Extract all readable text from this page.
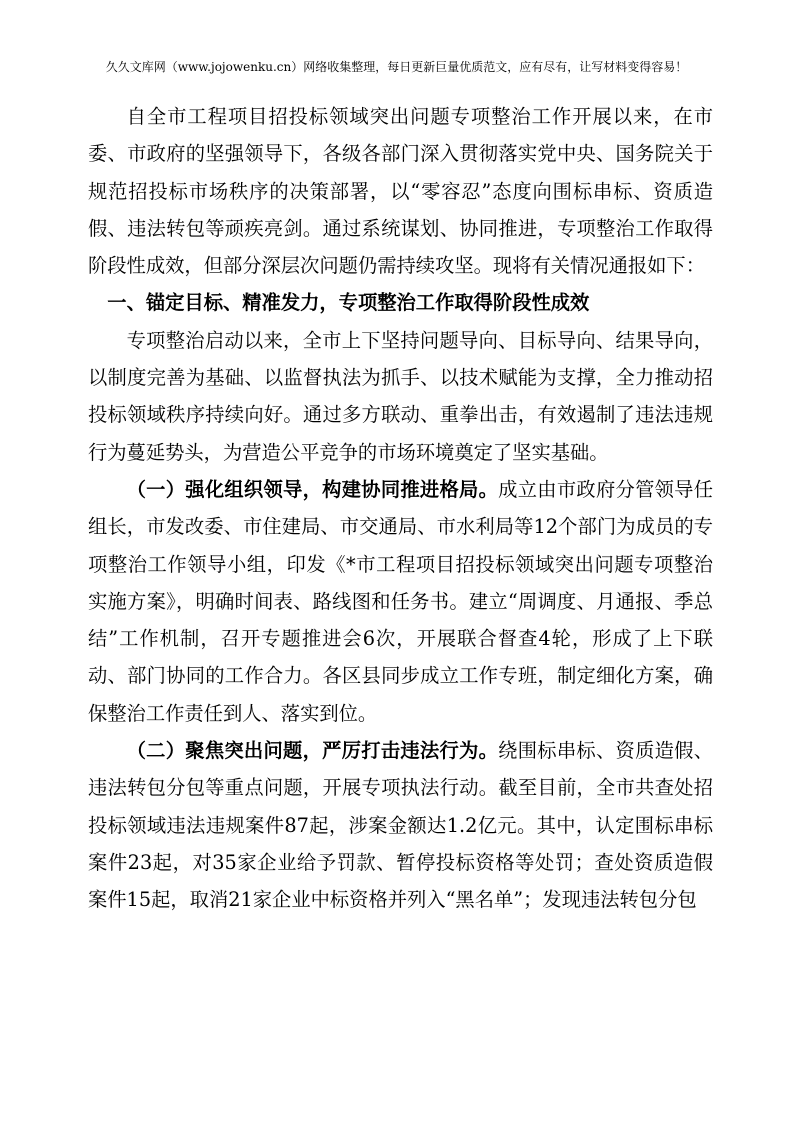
久久文库网（www.jojowenku.cn）网络收集整理，每日更新巨量优质范文，应有尽有，让写材料变得容易！

自全市工程项目招投标领域突出问题专项整治工作开展以来，在市委、市政府的坚强领导下，各级各部门深入贯彻落实党中央、国务院关于规范招投标市场秩序的决策部署，以“零容忍”态度向围标串标、资质造假、违法转包等顽疾亮剑。通过系统谋划、协同推进，专项整治工作取得阶段性成效，但部分深层次问题仍需持续攻坚。现将有关情况通报如下：

一、锚定目标、精准发力，专项整治工作取得阶段性成效

专项整治启动以来，全市上下坚持问题导向、目标导向、结果导向，以制度完善为基础、以监督执法为抓手、以技术赋能为支撑，全力推动招投标领域秩序持续向好。通过多方联动、重拳出击，有效遏制了违法违规行为蔓延势头，为营造公平竞争的市场环境奠定了坚实基础。

（一）强化组织领导，构建协同推进格局。成立由市政府分管领导任组长，市发改委、市住建局、市交通局、市水利局等12个部门为成员的专项整治工作领导小组，印发《*市工程项目招投标领域突出问题专项整治实施方案》，明确时间表、路线图和任务书。建立“周调度、月通报、季总结”工作机制，召开专题推进会6次，开展联合督查4轮，形成了上下联动、部门协同的工作合力。各区县同步成立工作专班，制定细化方案，确保整治工作责任到人、落实到位。

（二）聚焦突出问题，严厉打击违法行为。绕围标串标、资质造假、违法转包分包等重点问题，开展专项执法行动。截至目前，全市共查处招投标领域违法违规案件87起，涉案金额达1.2亿元。其中，认定围标串标案件23起，对35家企业给予罚款、暂停投标资格等处罚；查处资质造假案件15起，取消21家企业中标资格并列入“黑名单”；发现违法转包分包
